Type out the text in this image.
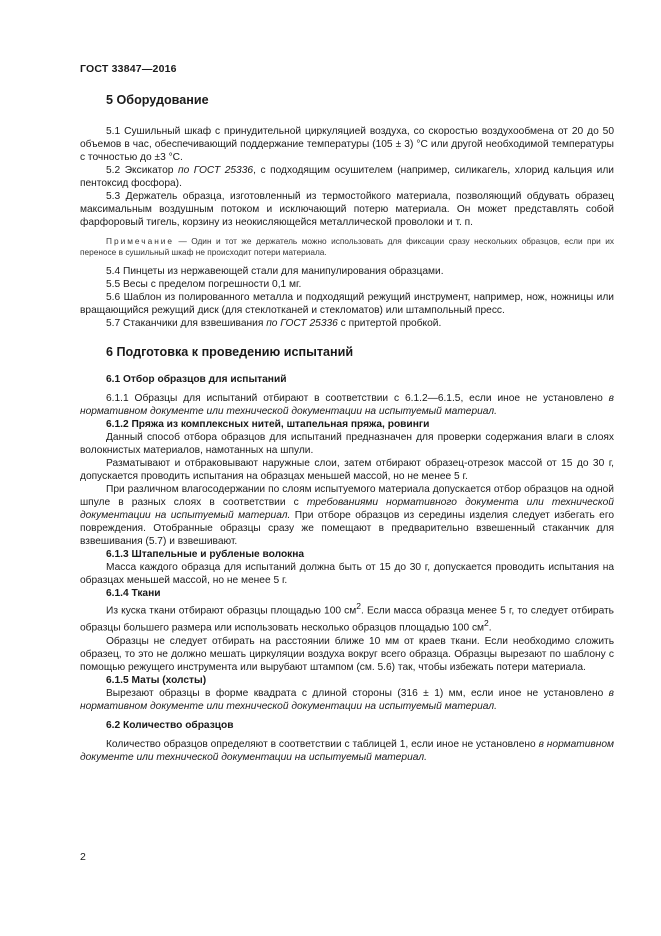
ГОСТ 33847—2016
5 Оборудование

5.1 Сушильный шкаф с принудительной циркуляцией воздуха, со скоростью воздухообмена от 20 до 50 объемов в час, обеспечивающий поддержание температуры (105 ± 3) °С или другой необходимой температуры с точностью до ±3 °С.

5.2 Эксикатор по ГОСТ 25336, с подходящим осушителем (например, силикагель, хлорид кальция или пентоксид фосфора).

5.3 Держатель образца, изготовленный из термостойкого материала, позволяющий обдувать образец максимальным воздушным потоком и исключающий потерю материала. Он может представлять собой фарфоровый тигель, корзину из неокисляющейся металлической проволоки и т. п.

Примечание — Один и тот же держатель можно использовать для фиксации сразу нескольких образцов, если при их переносе в сушильный шкаф не происходит потери материала.

5.4 Пинцеты из нержавеющей стали для манипулирования образцами.

5.5 Весы с пределом погрешности 0,1 мг.

5.6 Шаблон из полированного металла и подходящий режущий инструмент, например, нож, ножницы или вращающийся режущий диск (для стеклотканей и стекломатов) или штампольный пресс.

5.7 Стаканчики для взвешивания по ГОСТ 25336 с притертой пробкой.

6 Подготовка к проведению испытаний

6.1 Отбор образцов для испытаний

6.1.1 Образцы для испытаний отбирают в соответствии с 6.1.2—6.1.5, если иное не установлено в нормативном документе или технической документации на испытуемый материал.

6.1.2 Пряжа из комплексных нитей, штапельная пряжа, ровинги

Данный способ отбора образцов для испытаний предназначен для проверки содержания влаги в слоях волокнистых материалов, намотанных на шпули.

Разматывают и отбраковывают наружные слои, затем отбирают образец-отрезок массой от 15 до 30 г, допускается проводить испытания на образцах меньшей массой, но не менее 5 г.

При различном влагосодержании по слоям испытуемого материала допускается отбор образцов на одной шпуле в разных слоях в соответствии с требованиями нормативного документа или технической документации на испытуемый материал. При отборе образцов из середины изделия следует избегать его повреждения. Отобранные образцы сразу же помещают в предварительно взвешенный стаканчик для взвешивания (5.7) и взвешивают.

6.1.3 Штапельные и рубленые волокна

Масса каждого образца для испытаний должна быть от 15 до 30 г, допускается проводить испытания на образцах меньшей массой, но не менее 5 г.

6.1.4 Ткани

Из куска ткани отбирают образцы площадью 100 $см^2$. Если масса образца менее 5 г, то следует отбирать образцы большего размера или использовать несколько образцов площадью 100 $см^2$.

Образцы не следует отбирать на расстоянии ближе 10 мм от краев ткани. Если необходимо сложить образец, то это не должно мешать циркуляции воздуха вокруг всего образца. Образцы вырезают по шаблону с помощью режущего инструмента или вырубают штампом (см. 5.6) так, чтобы избежать потери материала.

6.1.5 Маты (холсты)

Вырезают образцы в форме квадрата с длиной стороны (316 ± 1) мм, если иное не установлено в нормативном документе или технической документации на испытуемый материал.

6.2 Количество образцов

Количество образцов определяют в соответствии с таблицей 1, если иное не установлено в нормативном документе или технической документации на испытуемый материал.

2
